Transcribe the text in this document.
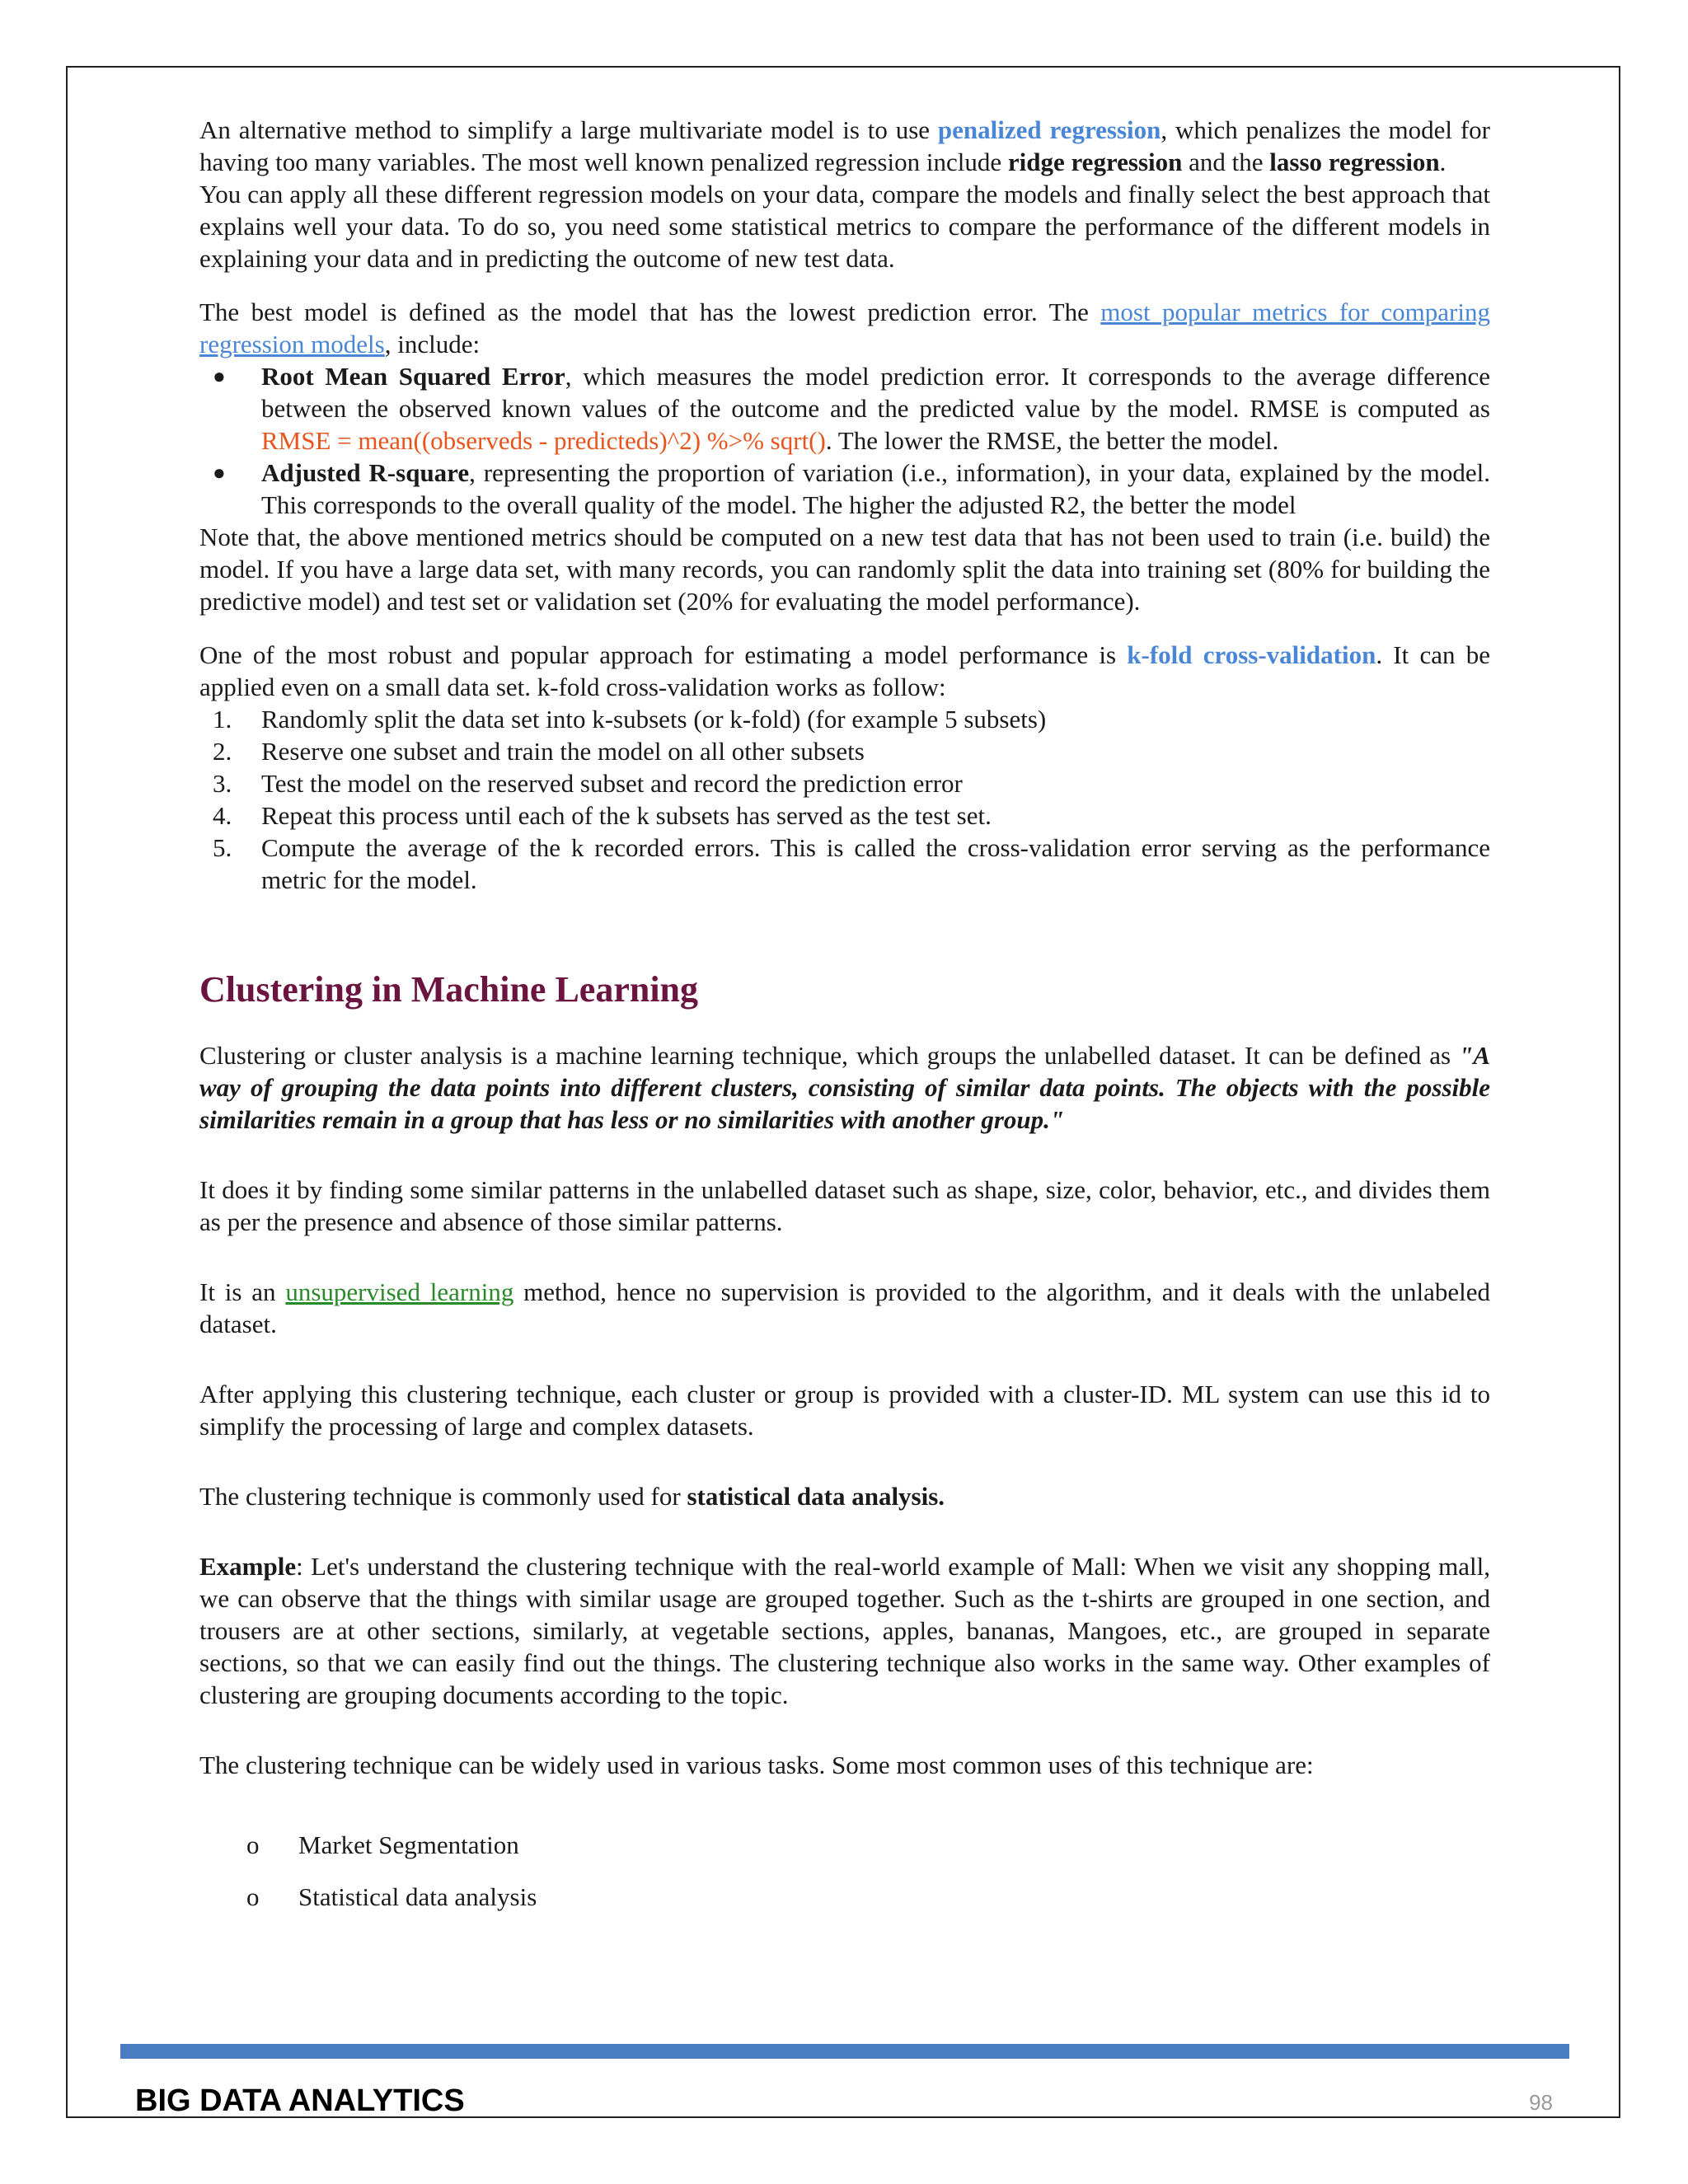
An alternative method to simplify a large multivariate model is to use penalized regression, which penalizes the model for having too many variables. The most well known penalized regression include ridge regression and the lasso regression.

You can apply all these different regression models on your data, compare the models and finally select the best approach that explains well your data. To do so, you need some statistical metrics to compare the performance of the different models in explaining your data and in predicting the outcome of new test data.

The best model is defined as the model that has the lowest prediction error. The most popular metrics for comparing regression models, include:

● Root Mean Squared Error, which measures the model prediction error. It corresponds to the average difference between the observed known values of the outcome and the predicted value by the model. RMSE is computed as RMSE = mean((observeds - predicteds)^2) %>% sqrt(). The lower the RMSE, the better the model.
● Adjusted R-square, representing the proportion of variation (i.e., information), in your data, explained by the model. This corresponds to the overall quality of the model. The higher the adjusted R2, the better the model

Note that, the above mentioned metrics should be computed on a new test data that has not been used to train (i.e. build) the model. If you have a large data set, with many records, you can randomly split the data into training set (80% for building the predictive model) and test set or validation set (20% for evaluating the model performance).

One of the most robust and popular approach for estimating a model performance is k-fold cross-validation. It can be applied even on a small data set. k-fold cross-validation works as follow:

1. Randomly split the data set into k-subsets (or k-fold) (for example 5 subsets)
2. Reserve one subset and train the model on all other subsets
3. Test the model on the reserved subset and record the prediction error
4. Repeat this process until each of the k subsets has served as the test set.
5. Compute the average of the k recorded errors. This is called the cross-validation error serving as the performance metric for the model.
Clustering in Machine Learning

Clustering or cluster analysis is a machine learning technique, which groups the unlabelled dataset. It can be defined as "A way of grouping the data points into different clusters, consisting of similar data points. The objects with the possible similarities remain in a group that has less or no similarities with another group."

It does it by finding some similar patterns in the unlabelled dataset such as shape, size, color, behavior, etc., and divides them as per the presence and absence of those similar patterns.

It is an unsupervised learning method, hence no supervision is provided to the algorithm, and it deals with the unlabeled dataset.

After applying this clustering technique, each cluster or group is provided with a cluster-ID. ML system can use this id to simplify the processing of large and complex datasets.

The clustering technique is commonly used for statistical data analysis.

Example: Let's understand the clustering technique with the real-world example of Mall: When we visit any shopping mall, we can observe that the things with similar usage are grouped together. Such as the t-shirts are grouped in one section, and trousers are at other sections, similarly, at vegetable sections, apples, bananas, Mangoes, etc., are grouped in separate sections, so that we can easily find out the things. The clustering technique also works in the same way. Other examples of clustering are grouping documents according to the topic.

The clustering technique can be widely used in various tasks. Some most common uses of this technique are:

o Market Segmentation
o Statistical data analysis
BIG DATA ANALYTICS	98
